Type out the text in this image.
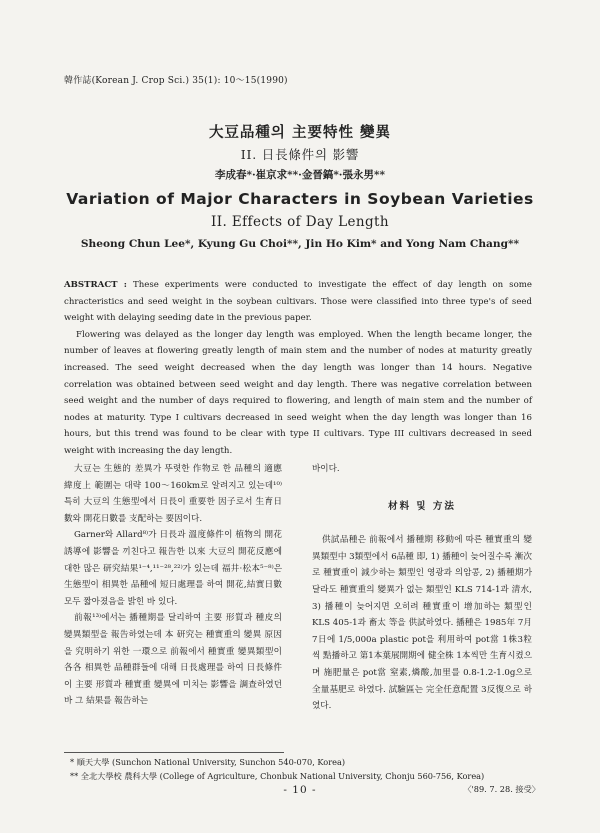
韓作誌(Korean J. Crop Sci.) 35(1): 10～15(1990)
大豆品種의 主要特性 變異
II. 日長條件의 影響
李成春*·崔京求**·金晉鎬*·張永男**
Variation of Major Characters in Soybean Varieties
II. Effects of Day Length
Sheong Chun Lee*, Kyung Gu Choi**, Jin Ho Kim* and Yong Nam Chang**

ABSTRACT : These experiments were conducted to investigate the effect of day length on some chracteristics and seed weight in the soybean cultivars. Those were classified into three type's of seed weight with delaying seeding date in the previous paper.

Flowering was delayed as the longer day length was employed. When the length became longer, the number of leaves at flowering greatly length of main stem and the number of nodes at maturity greatly increased. The seed weight decreased when the day length was longer than 14 hours. Negative correlation was obtained between seed weight and day length. There was negative correlation between seed weight and the number of days required to flowering, and length of main stem and the number of nodes at maturity. Type I cultivars decreased in seed weight when the day length was longer than 16 hours, but this trend was found to be clear with type II cultivars. Type III cultivars decreased in seed weight with increasing the day length.

大豆는 生態的 差異가 뚜렷한 作物로 한 品種의 適應 緯度上 範圍는 대략 100～160km로 알려지고 있는데¹⁰⁾ 특히 大豆의 生態型에서 日長이 重要한 因子로서 生育日數와 開花日數를 支配하는 要因이다.

Garner와 Allard⁸⁾가 日長과 溫度條件이 植物의 開花誘導에 影響을 끼친다고 報告한 以來 大豆의 開花反應에 대한 많은 研究結果¹⁻⁴,¹¹⁻²⁸,²²⁾가 있는데 福井·松本⁵⁻⁸⁾은 生態型이 相異한 品種에 短日處理를 하여 開花,結實日數 모두 짧아졌음을 밝힌 바 있다.

前報¹³⁾에서는 播種期를 달리하여 主要 形質과 種皮의 變異類型을 報告하였는데 本 研究는 種實重의 變異 原因을 究明하기 위한 一環으로 前報에서 種實重 變異類型이 各各 相異한 品種群들에 대해 日長處理를 하여 日長條件이 主要 形質과 種實重 變異에 미치는 影響을 調查하였던 바 그 結果를 報告하는

바이다.

材料 및 方法

供試品種은 前報에서 播種期 移動에 따른 種實重의 變異類型中 3類型에서 6品種 即, 1) 播種이 늦어질수록 漸次로 種實重이 減少하는 類型인 영광과 의암콩, 2) 播種期가 달라도 種實重의 變異가 없는 類型인 KLS 714-1과 淸水, 3) 播種이 늦어지면 오히려 種實重이 增加하는 類型인 KLS 405-1과 畜太 等을 供試하였다. 播種은 1985年 7月 7日에 1/5,000a plastic pot을 利用하여 pot當 1株3粒씩 點播하고 第1本葉展開期에 健全株 1本씩만 生育시켰으며 施肥量은 pot當 窒素,燐酸,加里를 0.8-1.2-1.0g으로 全量基肥로 하였다. 試驗區는 完全任意配置 3反復으로 하였다.

* 順天大學 (Sunchon National University, Sunchon 540-070, Korea)
** 全北大學校 農科大學 (College of Agriculture, Chonbuk National University, Chonju 560-756, Korea)
〈'89. 7. 28. 接受〉
- 10 -
